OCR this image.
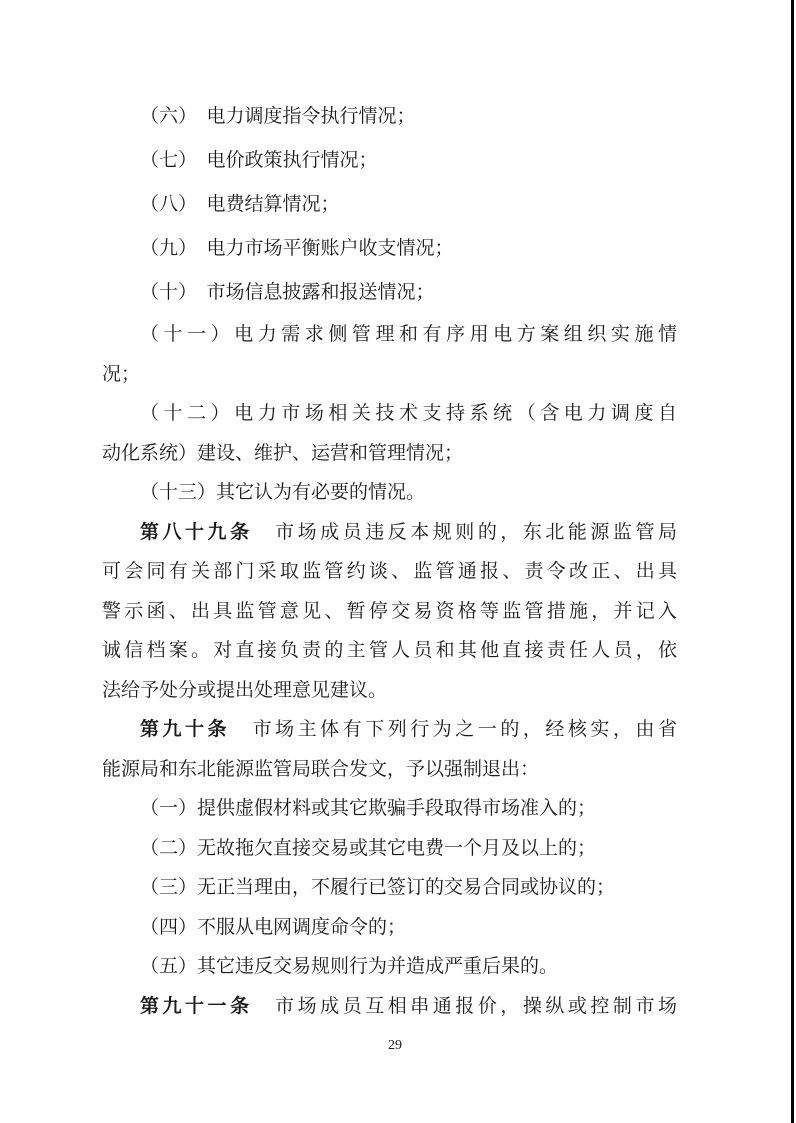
（六）　电力调度指令执行情况；
（七）　电价政策执行情况；
（八）　电费结算情况；
（九）　电力市场平衡账户收支情况；
（十）　市场信息披露和报送情况；
（十一）电力需求侧管理和有序用电方案组织实施情
况；
（十二）电力市场相关技术支持系统（含电力调度自
动化系统）建设、维护、运营和管理情况；
（十三）其它认为有必要的情况。
第八十九条　市场成员违反本规则的，东北能源监管局
可会同有关部门采取监管约谈、监管通报、责令改正、出具
警示函、出具监管意见、暂停交易资格等监管措施，并记入
诚信档案。对直接负责的主管人员和其他直接责任人员，依
法给予处分或提出处理意见建议。
第九十条　市场主体有下列行为之一的，经核实，由省
能源局和东北能源监管局联合发文，予以强制退出：
（一）提供虚假材料或其它欺骗手段取得市场准入的；
（二）无故拖欠直接交易或其它电费一个月及以上的；
（三）无正当理由，不履行已签订的交易合同或协议的；
（四）不服从电网调度命令的；
（五）其它违反交易规则行为并造成严重后果的。
第九十一条　市场成员互相串通报价，操纵或控制市场
29
